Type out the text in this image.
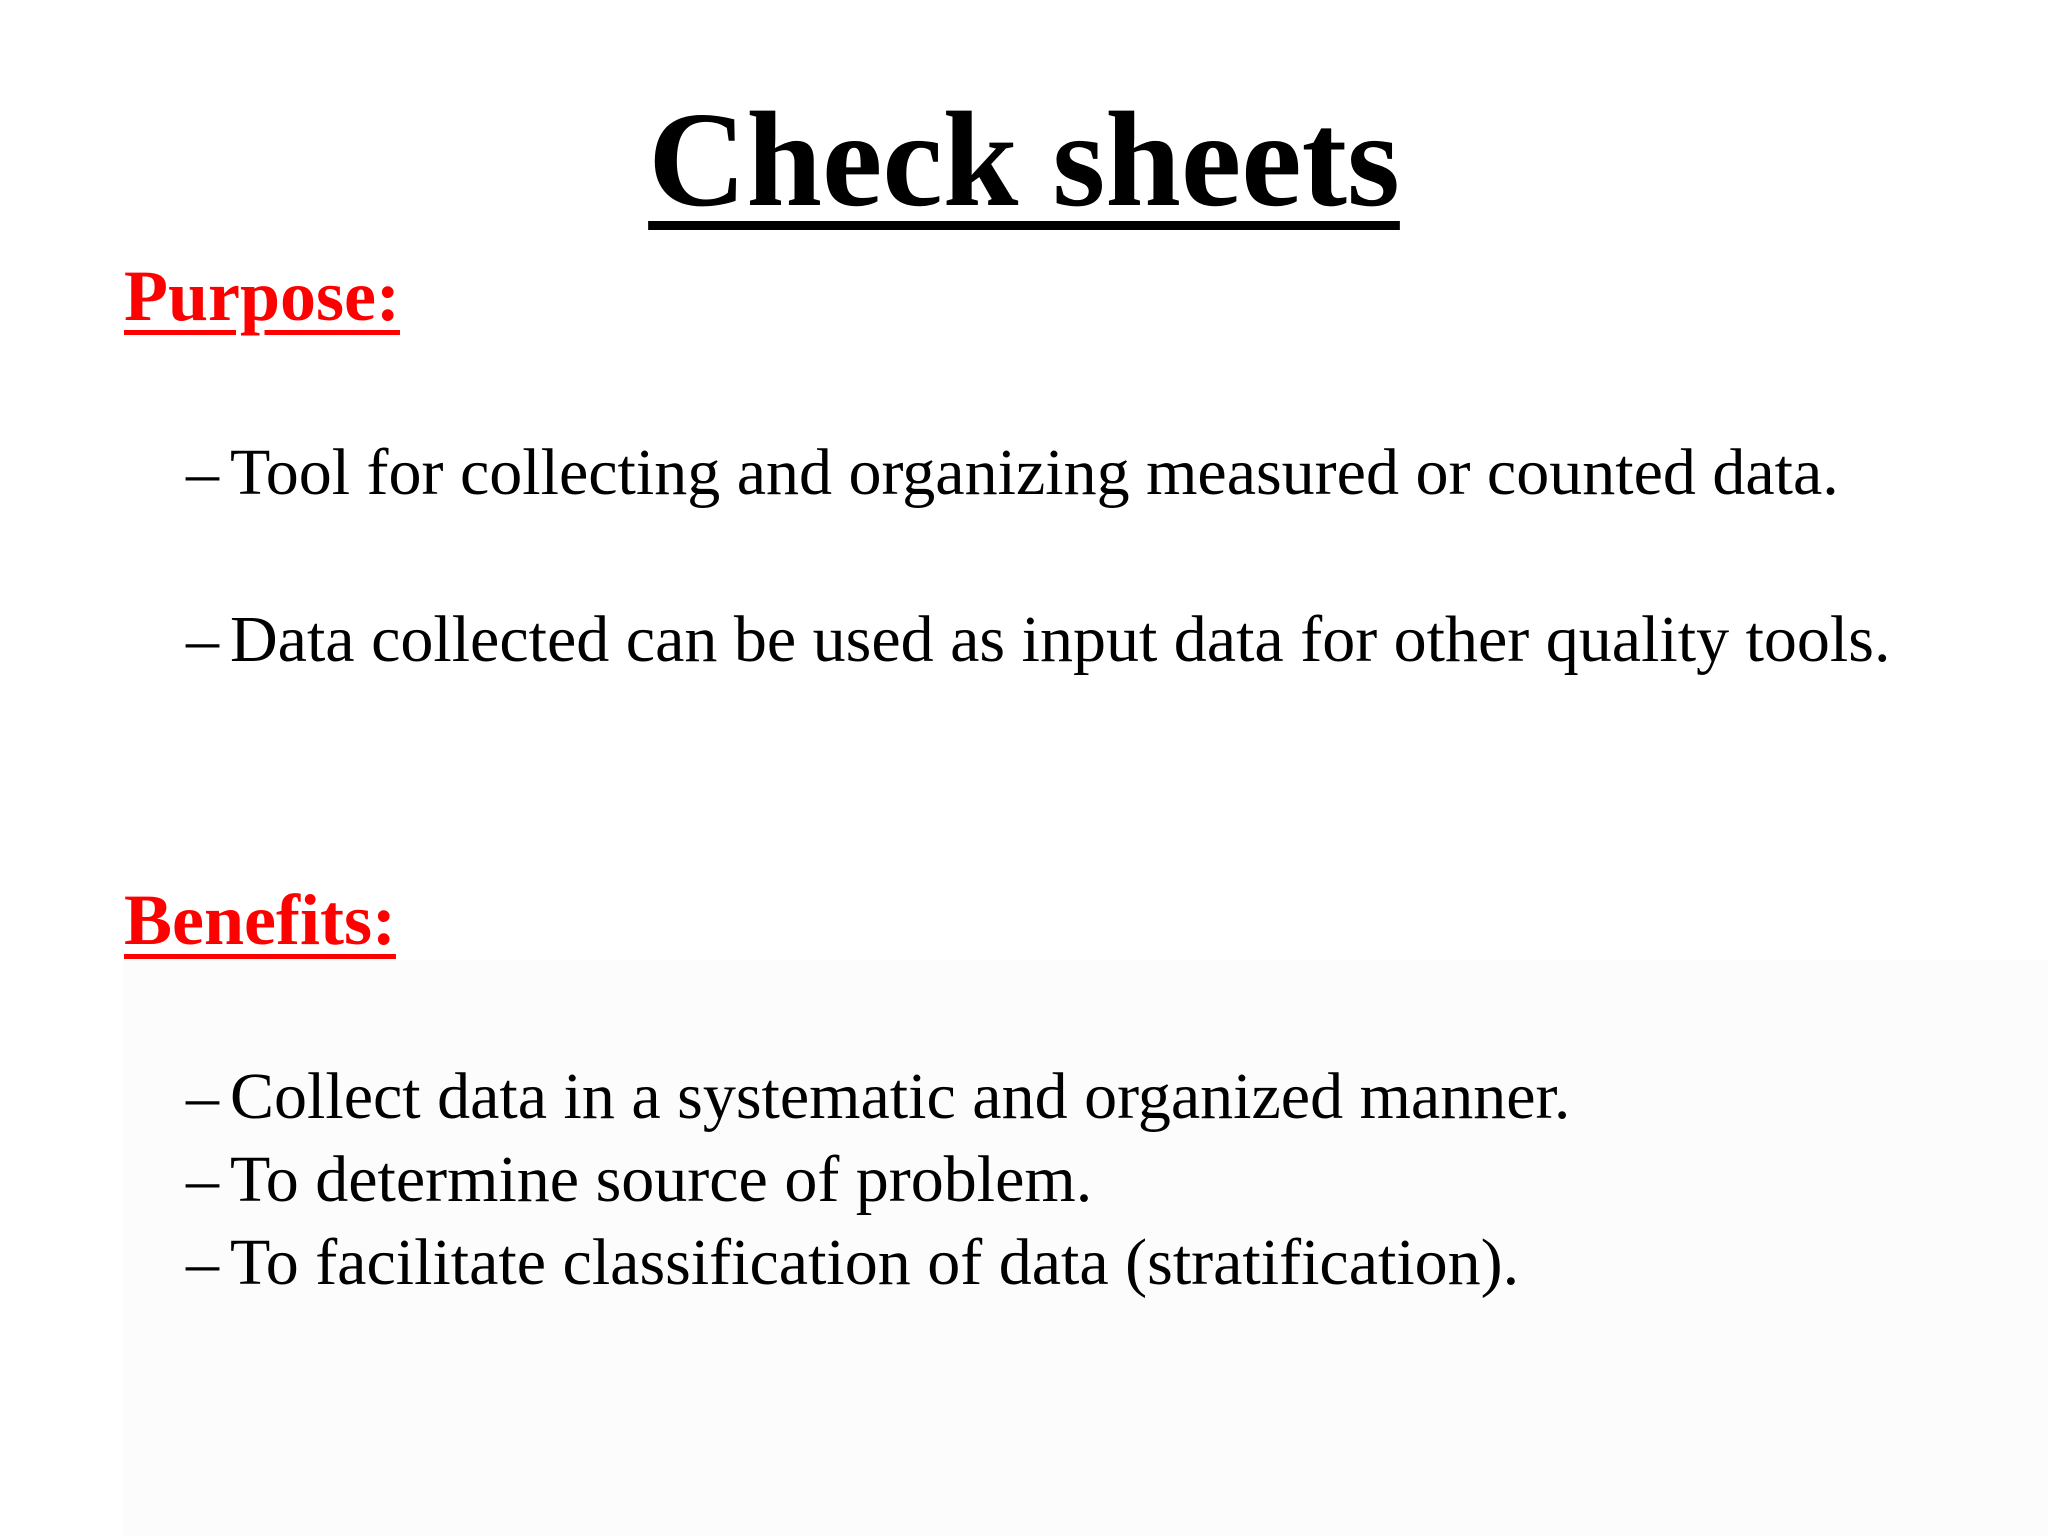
Check sheets
Purpose:
– Tool for collecting and organizing measured or counted data.
– Data collected can be used as input data for other quality tools.
Benefits:
– Collect data in a systematic and organized manner.
– To determine source of problem.
– To facilitate classification of data (stratification).
